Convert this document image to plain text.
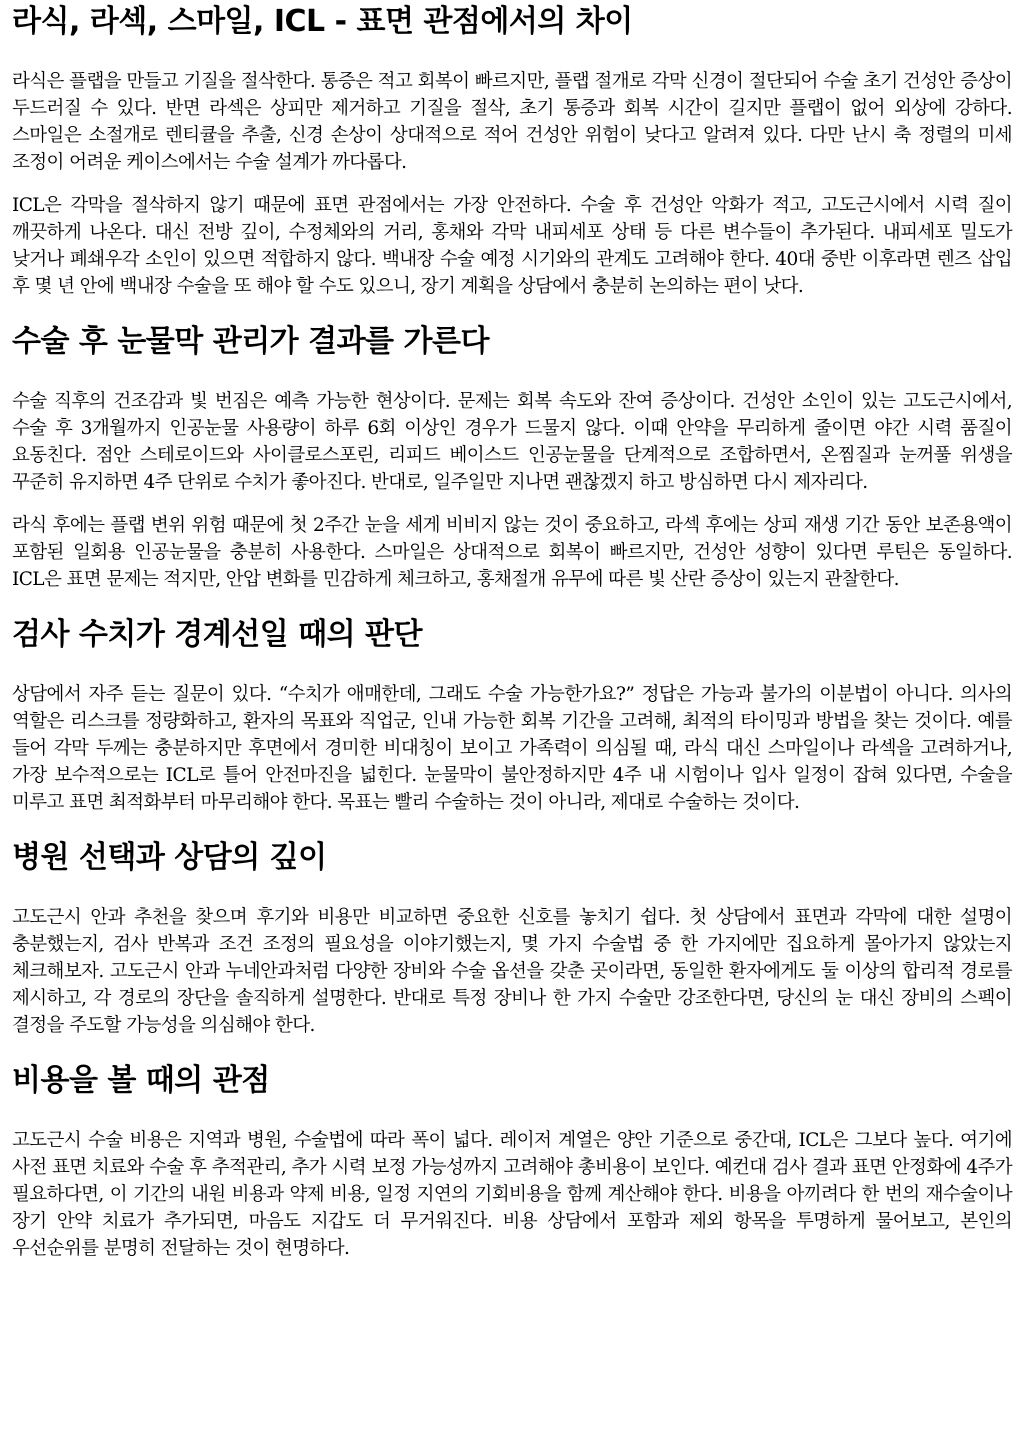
라식, 라섹, 스마일, ICL - 표면 관점에서의 차이

라식은 플랩을 만들고 기질을 절삭한다. 통증은 적고 회복이 빠르지만, 플랩 절개로 각막 신경이 절단되어 수술 초기 건성안 증상이 두드러질 수 있다. 반면 라섹은 상피만 제거하고 기질을 절삭, 초기 통증과 회복 시간이 길지만 플랩이 없어 외상에 강하다. 스마일은 소절개로 렌티큘을 추출, 신경 손상이 상대적으로 적어 건성안 위험이 낮다고 알려져 있다. 다만 난시 축 정렬의 미세 조정이 어려운 케이스에서는 수술 설계가 까다롭다.

ICL은 각막을 절삭하지 않기 때문에 표면 관점에서는 가장 안전하다. 수술 후 건성안 악화가 적고, 고도근시에서 시력 질이 깨끗하게 나온다. 대신 전방 깊이, 수정체와의 거리, 홍채와 각막 내피세포 상태 등 다른 변수들이 추가된다. 내피세포 밀도가 낮거나 폐쇄우각 소인이 있으면 적합하지 않다. 백내장 수술 예정 시기와의 관계도 고려해야 한다. 40대 중반 이후라면 렌즈 삽입 후 몇 년 안에 백내장 수술을 또 해야 할 수도 있으니, 장기 계획을 상담에서 충분히 논의하는 편이 낫다.

수술 후 눈물막 관리가 결과를 가른다

수술 직후의 건조감과 빛 번짐은 예측 가능한 현상이다. 문제는 회복 속도와 잔여 증상이다. 건성안 소인이 있는 고도근시에서, 수술 후 3개월까지 인공눈물 사용량이 하루 6회 이상인 경우가 드물지 않다. 이때 안약을 무리하게 줄이면 야간 시력 품질이 요동친다. 점안 스테로이드와 사이클로스포린, 리피드 베이스드 인공눈물을 단계적으로 조합하면서, 온찜질과 눈꺼풀 위생을 꾸준히 유지하면 4주 단위로 수치가 좋아진다. 반대로, 일주일만 지나면 괜찮겠지 하고 방심하면 다시 제자리다.

라식 후에는 플랩 변위 위험 때문에 첫 2주간 눈을 세게 비비지 않는 것이 중요하고, 라섹 후에는 상피 재생 기간 동안 보존용액이 포함된 일회용 인공눈물을 충분히 사용한다. 스마일은 상대적으로 회복이 빠르지만, 건성안 성향이 있다면 루틴은 동일하다. ICL은 표면 문제는 적지만, 안압 변화를 민감하게 체크하고, 홍채절개 유무에 따른 빛 산란 증상이 있는지 관찰한다.

검사 수치가 경계선일 때의 판단

상담에서 자주 듣는 질문이 있다. “수치가 애매한데, 그래도 수술 가능한가요?” 정답은 가능과 불가의 이분법이 아니다. 의사의 역할은 리스크를 정량화하고, 환자의 목표와 직업군, 인내 가능한 회복 기간을 고려해, 최적의 타이밍과 방법을 찾는 것이다. 예를 들어 각막 두께는 충분하지만 후면에서 경미한 비대칭이 보이고 가족력이 의심될 때, 라식 대신 스마일이나 라섹을 고려하거나, 가장 보수적으로는 ICL로 틀어 안전마진을 넓힌다. 눈물막이 불안정하지만 4주 내 시험이나 입사 일정이 잡혀 있다면, 수술을 미루고 표면 최적화부터 마무리해야 한다. 목표는 빨리 수술하는 것이 아니라, 제대로 수술하는 것이다.

병원 선택과 상담의 깊이

고도근시 안과 추천을 찾으며 후기와 비용만 비교하면 중요한 신호를 놓치기 쉽다. 첫 상담에서 표면과 각막에 대한 설명이 충분했는지, 검사 반복과 조건 조정의 필요성을 이야기했는지, 몇 가지 수술법 중 한 가지에만 집요하게 몰아가지 않았는지 체크해보자. 고도근시 안과 누네안과처럼 다양한 장비와 수술 옵션을 갖춘 곳이라면, 동일한 환자에게도 둘 이상의 합리적 경로를 제시하고, 각 경로의 장단을 솔직하게 설명한다. 반대로 특정 장비나 한 가지 수술만 강조한다면, 당신의 눈 대신 장비의 스펙이 결정을 주도할 가능성을 의심해야 한다.

비용을 볼 때의 관점

고도근시 수술 비용은 지역과 병원, 수술법에 따라 폭이 넓다. 레이저 계열은 양안 기준으로 중간대, ICL은 그보다 높다. 여기에 사전 표면 치료와 수술 후 추적관리, 추가 시력 보정 가능성까지 고려해야 총비용이 보인다. 예컨대 검사 결과 표면 안정화에 4주가 필요하다면, 이 기간의 내원 비용과 약제 비용, 일정 지연의 기회비용을 함께 계산해야 한다. 비용을 아끼려다 한 번의 재수술이나 장기 안약 치료가 추가되면, 마음도 지갑도 더 무거워진다. 비용 상담에서 포함과 제외 항목을 투명하게 물어보고, 본인의 우선순위를 분명히 전달하는 것이 현명하다.
